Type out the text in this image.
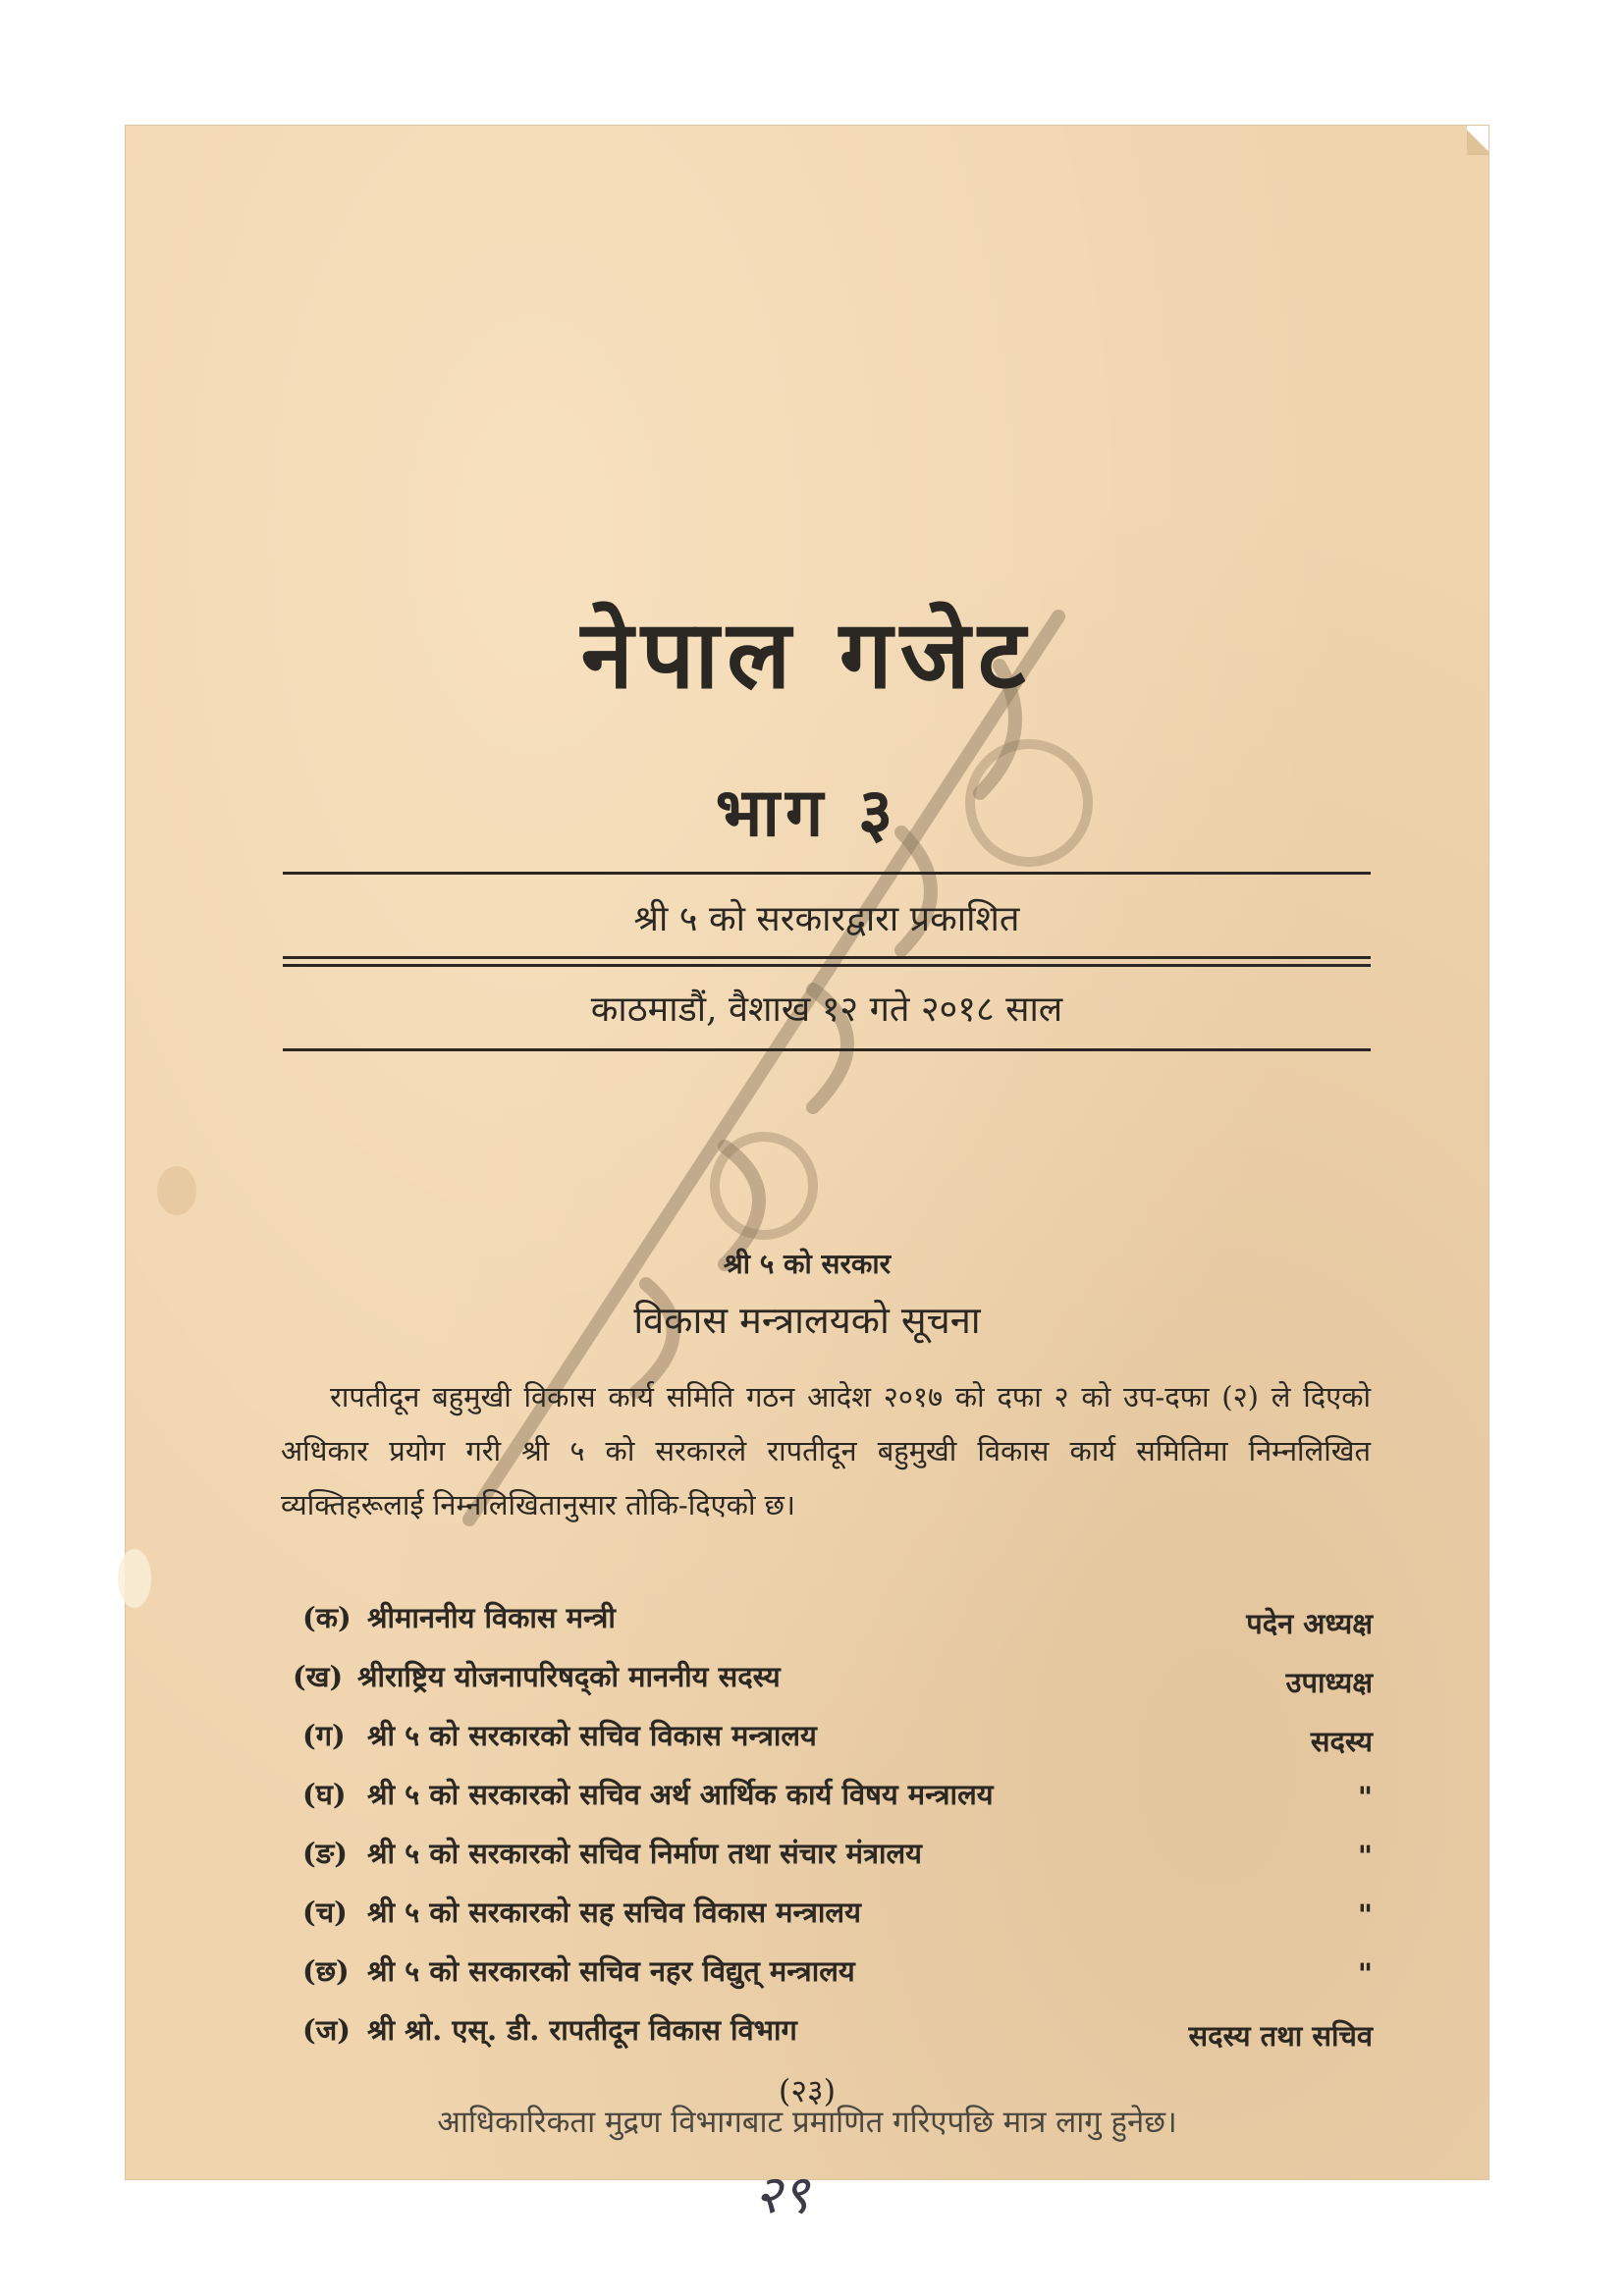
नेपाल गजेट
भाग ३
श्री ५ को सरकारद्वारा प्रकाशित
काठमाडौं, वैशाख १२ गते २०१८ साल
श्री ५ को सरकार
विकास मन्त्रालयको सूचना
रापतीदून बहुमुखी विकास कार्य समिति गठन आदेश २०१७ को दफा २ को उप-दफा (२) ले दिएको अधिकार प्रयोग गरी श्री ५ को सरकारले रापतीदून बहुमुखी विकास कार्य समितिमा निम्नलिखित व्यक्तिहरूलाई निम्नलिखितानुसार तोकि-दिएको छ।
(क) श्रीमाननीय विकास मन्त्री	पदेन अध्यक्ष
(ख) श्रीराष्ट्रिय योजनापरिषद्‌को माननीय सदस्य	उपाध्यक्ष
(ग) श्री ५ को सरकारको सचिव विकास मन्त्रालय	सदस्य
(घ) श्री ५ को सरकारको सचिव अर्थ आर्थिक कार्य विषय मन्त्रालय	"
(ङ) श्री ५ को सरकारको सचिव निर्माण तथा संचार मंत्रालय	"
(च) श्री ५ को सरकारको सह सचिव विकास मन्त्रालय	"
(छ) श्री ५ को सरकारको सचिव नहर विद्युत् मन्त्रालय	"
(ज) श्री श्रो. एस्. डी. रापतीदून विकास विभाग	सदस्य तथा सचिव
(२३)
२९
आधिकारिकता मुद्रण विभागबाट प्रमाणित गरिएपछि मात्र लागु हुनेछ।
